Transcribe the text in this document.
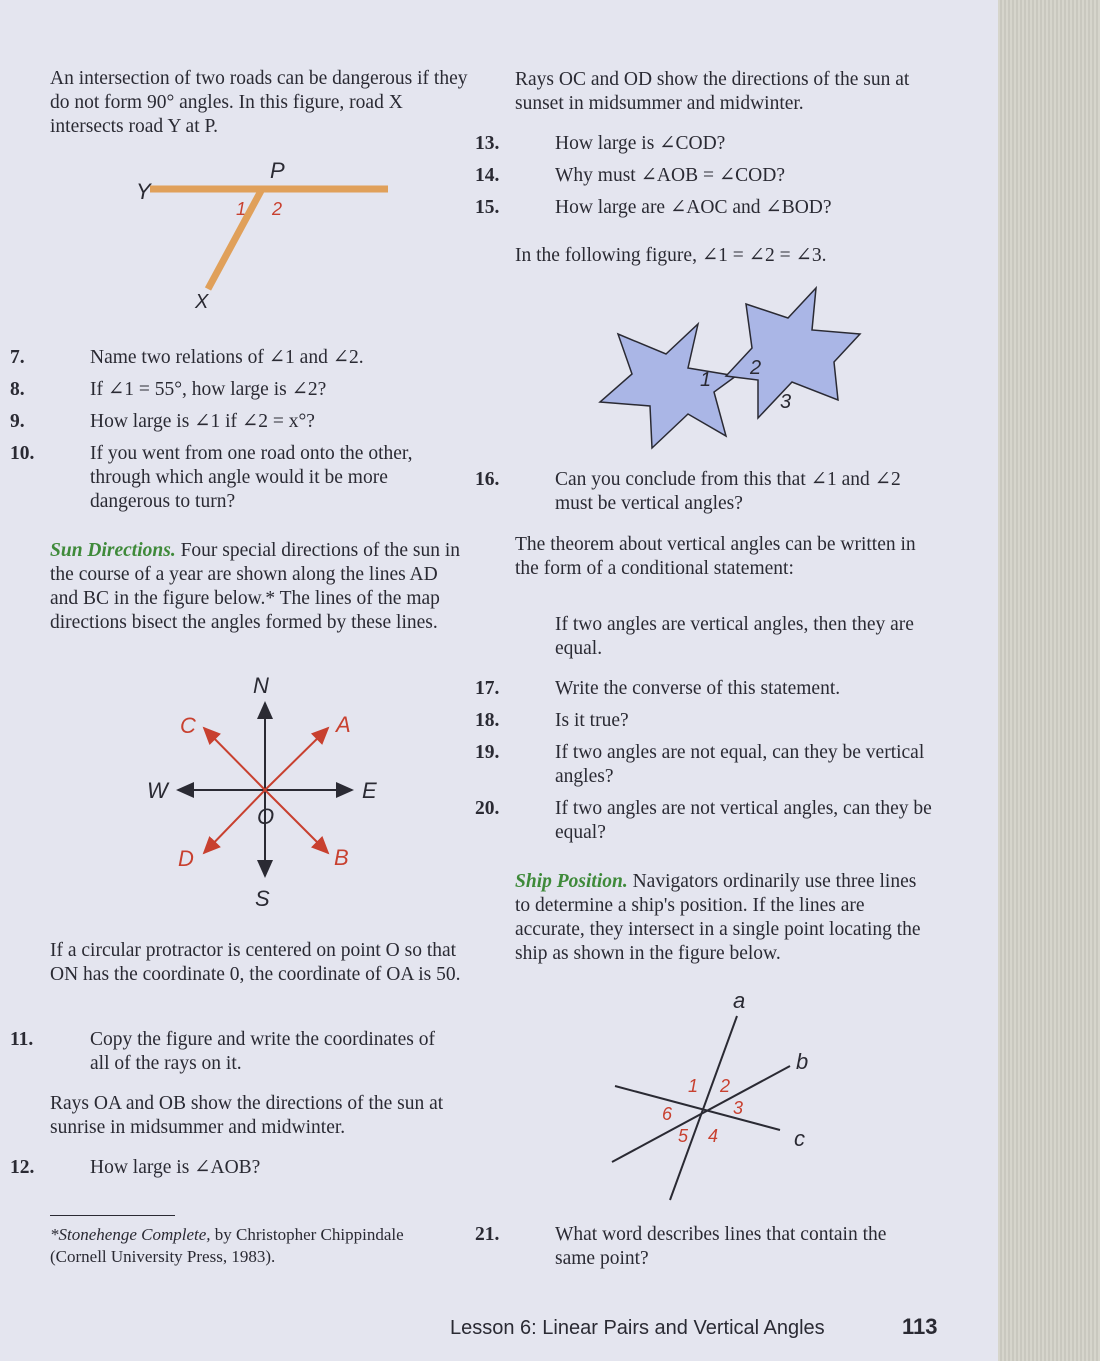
An intersection of two roads can be dangerous if they do not form 90° angles. In this figure, road X intersects road Y at P.

Y
P
1 2
X
7.	Name two relations of ∠1 and ∠2.
8.	If ∠1 = 55°, how large is ∠2?
9.	How large is ∠1 if ∠2 = x°?
10.	If you went from one road onto the other, through which angle would it be more dangerous to turn?

Sun Directions. Four special directions of the sun in the course of a year are shown along the lines AD and BC in the figure below.* The lines of the map directions bisect the angles formed by these lines.

N
S
E
W
O
A
B
C
D

If a circular protractor is centered on point O so that ON has the coordinate 0, the coordinate of OA is 50.

11.	Copy the figure and write the coordinates of all of the rays on it.

Rays OA and OB show the directions of the sun at sunrise in midsummer and midwinter.

12.	How large is ∠AOB?

*Stonehenge Complete, by Christopher Chippindale (Cornell University Press, 1983).

Rays OC and OD show the directions of the sun at sunset in midsummer and midwinter.

13.	How large is ∠COD?
14.	Why must ∠AOB = ∠COD?
15.	How large are ∠AOC and ∠BOD?

In the following figure, ∠1 = ∠2 = ∠3.

1
2
3
16.	Can you conclude from this that ∠1 and ∠2 must be vertical angles?

The theorem about vertical angles can be written in the form of a conditional statement:

If two angles are vertical angles, then they are equal.

17.	Write the converse of this statement.
18.	Is it true?
19.	If two angles are not equal, can they be vertical angles?
20.	If two angles are not vertical angles, can they be equal?

Ship Position. Navigators ordinarily use three lines to determine a ship's position. If the lines are accurate, they intersect in a single point locating the ship as shown in the figure below.

a
b
c
1 2
3
4
5
6
21.	What word describes lines that contain the same point?
Lesson 6: Linear Pairs and Vertical Angles	113
